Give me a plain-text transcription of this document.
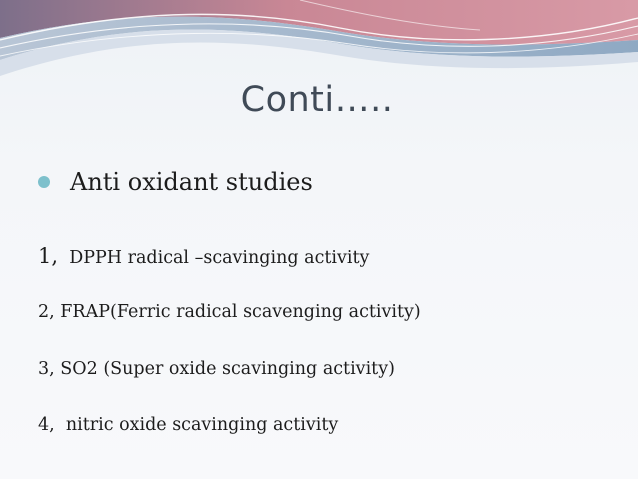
Conti…..
Anti oxidant studies
1, DPPH radical –scavinging activity
2, FRAP(Ferric radical scavenging activity)
3, SO2 (Super oxide scavinging activity)
4, nitric oxide scavinging activity
